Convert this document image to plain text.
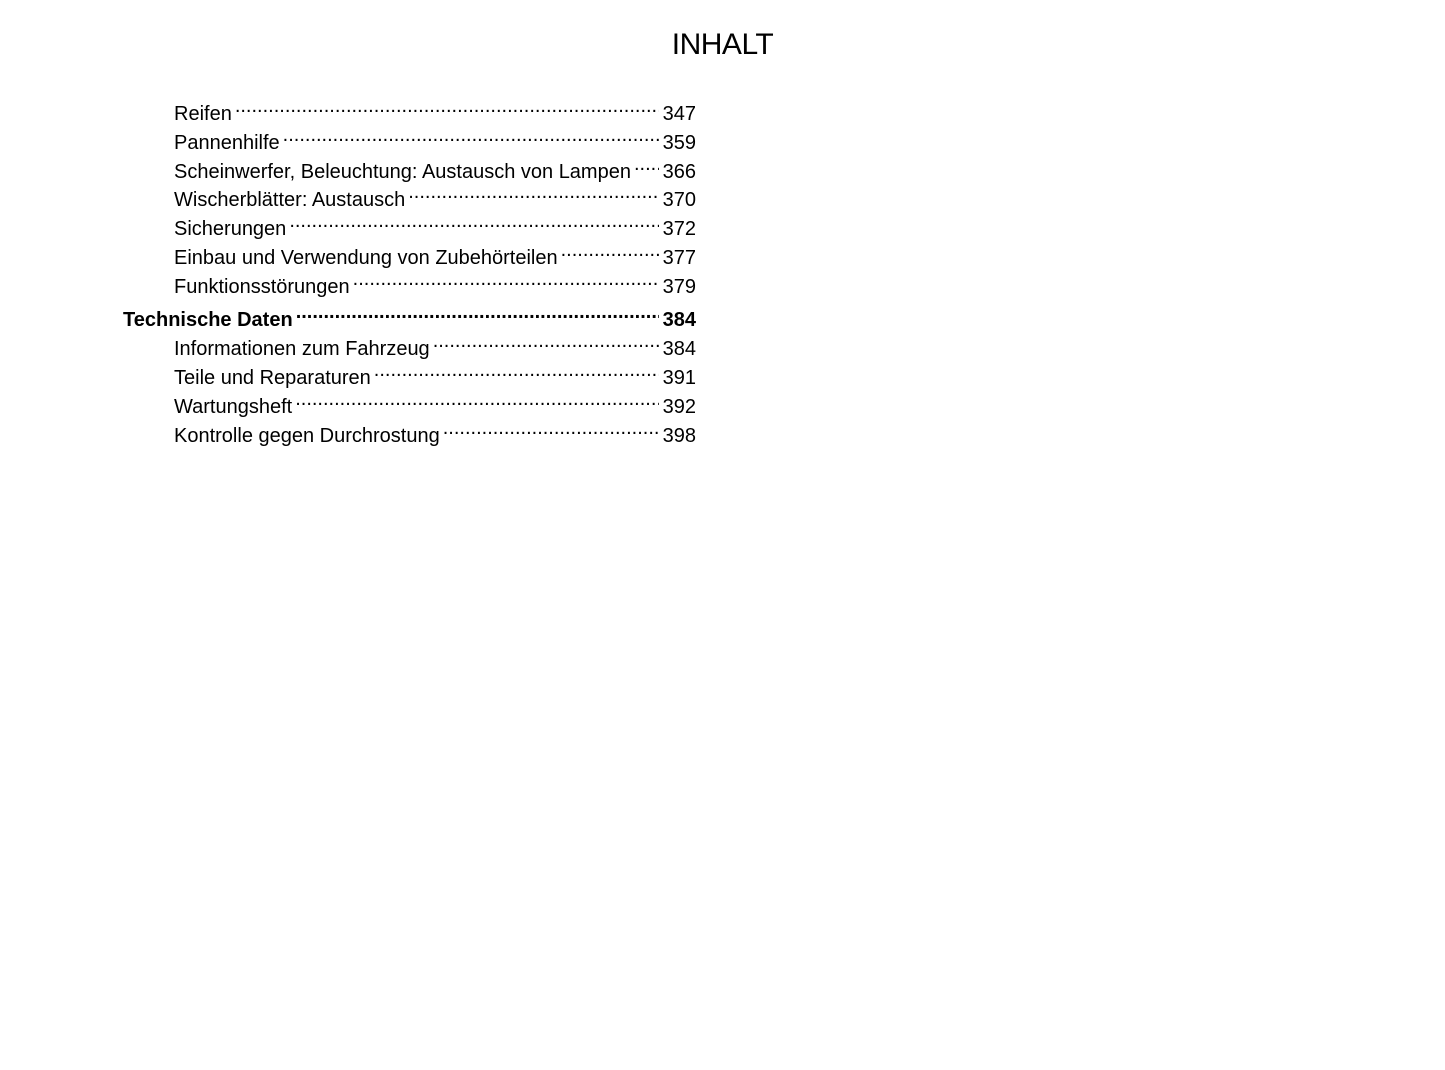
INHALT
Reifen .....	347
Pannenhilfe .....	359
Scheinwerfer, Beleuchtung: Austausch von Lampen ..... 366
Wischerblätter: Austausch .....	370
Sicherungen .....	372
Einbau und Verwendung von Zubehörteilen .....	377
Funktionsstörungen .....	379
Technische Daten .....	384
Informationen zum Fahrzeug .....	384
Teile und Reparaturen .....	391
Wartungsheft .....	392
Kontrolle gegen Durchrostung .....	398
